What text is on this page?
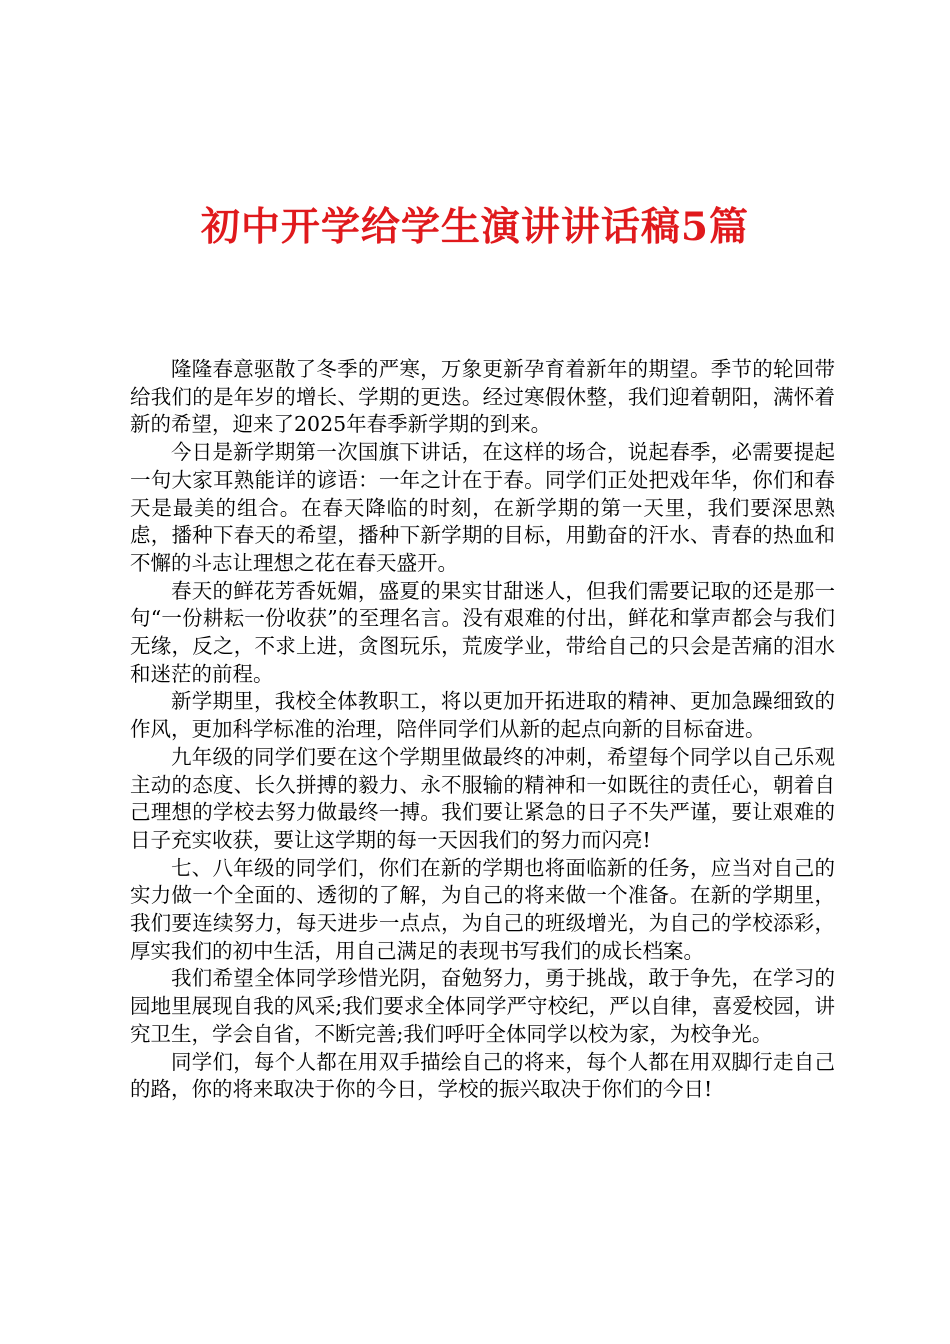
初中开学给学生演讲讲话稿5篇

隆隆春意驱散了冬季的严寒，万象更新孕育着新年的期望。季节的轮回带给我们的是年岁的增长、学期的更迭。经过寒假休整，我们迎着朝阳，满怀着新的希望，迎来了2025年春季新学期的到来。

今日是新学期第一次国旗下讲话，在这样的场合，说起春季，必需要提起一句大家耳熟能详的谚语：一年之计在于春。同学们正处把戏年华，你们和春天是最美的组合。在春天降临的时刻，在新学期的第一天里，我们要深思熟虑，播种下春天的希望，播种下新学期的目标，用勤奋的汗水、青春的热血和不懈的斗志让理想之花在春天盛开。

春天的鲜花芳香妩媚，盛夏的果实甘甜迷人，但我们需要记取的还是那一句“一份耕耘一份收获”的至理名言。没有艰难的付出，鲜花和掌声都会与我们无缘，反之，不求上进，贪图玩乐，荒废学业，带给自己的只会是苦痛的泪水和迷茫的前程。

新学期里，我校全体教职工，将以更加开拓进取的精神、更加急躁细致的作风，更加科学标准的治理，陪伴同学们从新的起点向新的目标奋进。

九年级的同学们要在这个学期里做最终的冲刺，希望每个同学以自己乐观主动的态度、长久拼搏的毅力、永不服输的精神和一如既往的责任心，朝着自己理想的学校去努力做最终一搏。我们要让紧急的日子不失严谨，要让艰难的日子充实收获，要让这学期的每一天因我们的努力而闪亮!

七、八年级的同学们，你们在新的学期也将面临新的任务，应当对自己的实力做一个全面的、透彻的了解，为自己的将来做一个准备。在新的学期里，我们要连续努力，每天进步一点点，为自己的班级增光，为自己的学校添彩，厚实我们的初中生活，用自己满足的表现书写我们的成长档案。

我们希望全体同学珍惜光阴，奋勉努力，勇于挑战，敢于争先，在学习的园地里展现自我的风采;我们要求全体同学严守校纪，严以自律，喜爱校园，讲究卫生，学会自省，不断完善;我们呼吁全体同学以校为家，为校争光。

同学们，每个人都在用双手描绘自己的将来，每个人都在用双脚行走自己的路，你的将来取决于你的今日，学校的振兴取决于你们的今日!
